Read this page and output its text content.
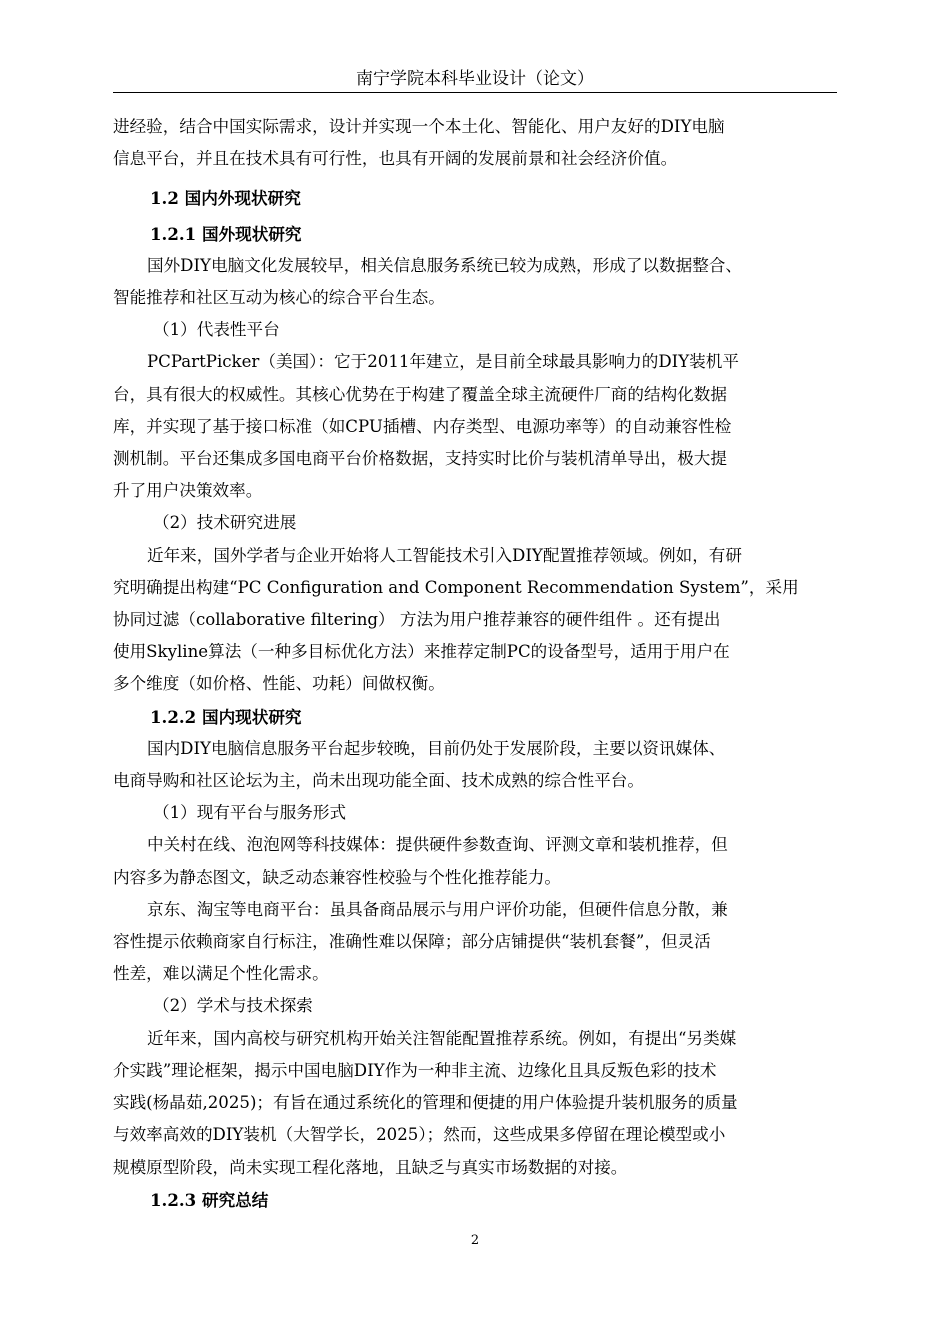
南宁学院本科毕业设计（论文）
进经验，结合中国实际需求，设计并实现一个本土化、智能化、用户友好的DIY电脑
信息平台，并且在技术具有可行性，也具有开阔的发展前景和社会经济价值。
1.2 国内外现状研究
1.2.1 国外现状研究
国外DIY电脑文化发展较早，相关信息服务系统已较为成熟，形成了以数据整合、
智能推荐和社区互动为核心的综合平台生态。
（1）代表性平台
PCPartPicker（美国）：它于2011年建立，是目前全球最具影响力的DIY装机平
台，具有很大的权威性。其核心优势在于构建了覆盖全球主流硬件厂商的结构化数据
库，并实现了基于接口标准（如CPU插槽、内存类型、电源功率等）的自动兼容性检
测机制。平台还集成多国电商平台价格数据，支持实时比价与装机清单导出，极大提
升了用户决策效率。
（2）技术研究进展
近年来，国外学者与企业开始将人工智能技术引入DIY配置推荐领域。例如，有研
究明确提出构建“PC Configuration and Component Recommendation System”，采用
协同过滤（collaborative filtering） 方法为用户推荐兼容的硬件组件 。还有提出
使用Skyline算法（一种多目标优化方法）来推荐定制PC的设备型号，适用于用户在
多个维度（如价格、性能、功耗）间做权衡。
1.2.2 国内现状研究
国内DIY电脑信息服务平台起步较晚，目前仍处于发展阶段，主要以资讯媒体、
电商导购和社区论坛为主，尚未出现功能全面、技术成熟的综合性平台。
（1）现有平台与服务形式
中关村在线、泡泡网等科技媒体：提供硬件参数查询、评测文章和装机推荐，但
内容多为静态图文，缺乏动态兼容性校验与个性化推荐能力。
京东、淘宝等电商平台：虽具备商品展示与用户评价功能，但硬件信息分散，兼
容性提示依赖商家自行标注，准确性难以保障；部分店铺提供“装机套餐”，但灵活
性差，难以满足个性化需求。
（2）学术与技术探索
近年来，国内高校与研究机构开始关注智能配置推荐系统。例如，有提出“另类媒
介实践”理论框架，揭示中国电脑DIY作为一种非主流、边缘化且具反叛色彩的技术
实践(杨晶茹,2025)；有旨在通过系统化的管理和便捷的用户体验提升装机服务的质量
与效率高效的DIY装机（大智学长，2025）；然而，这些成果多停留在理论模型或小
规模原型阶段，尚未实现工程化落地，且缺乏与真实市场数据的对接。
1.2.3 研究总结
2
